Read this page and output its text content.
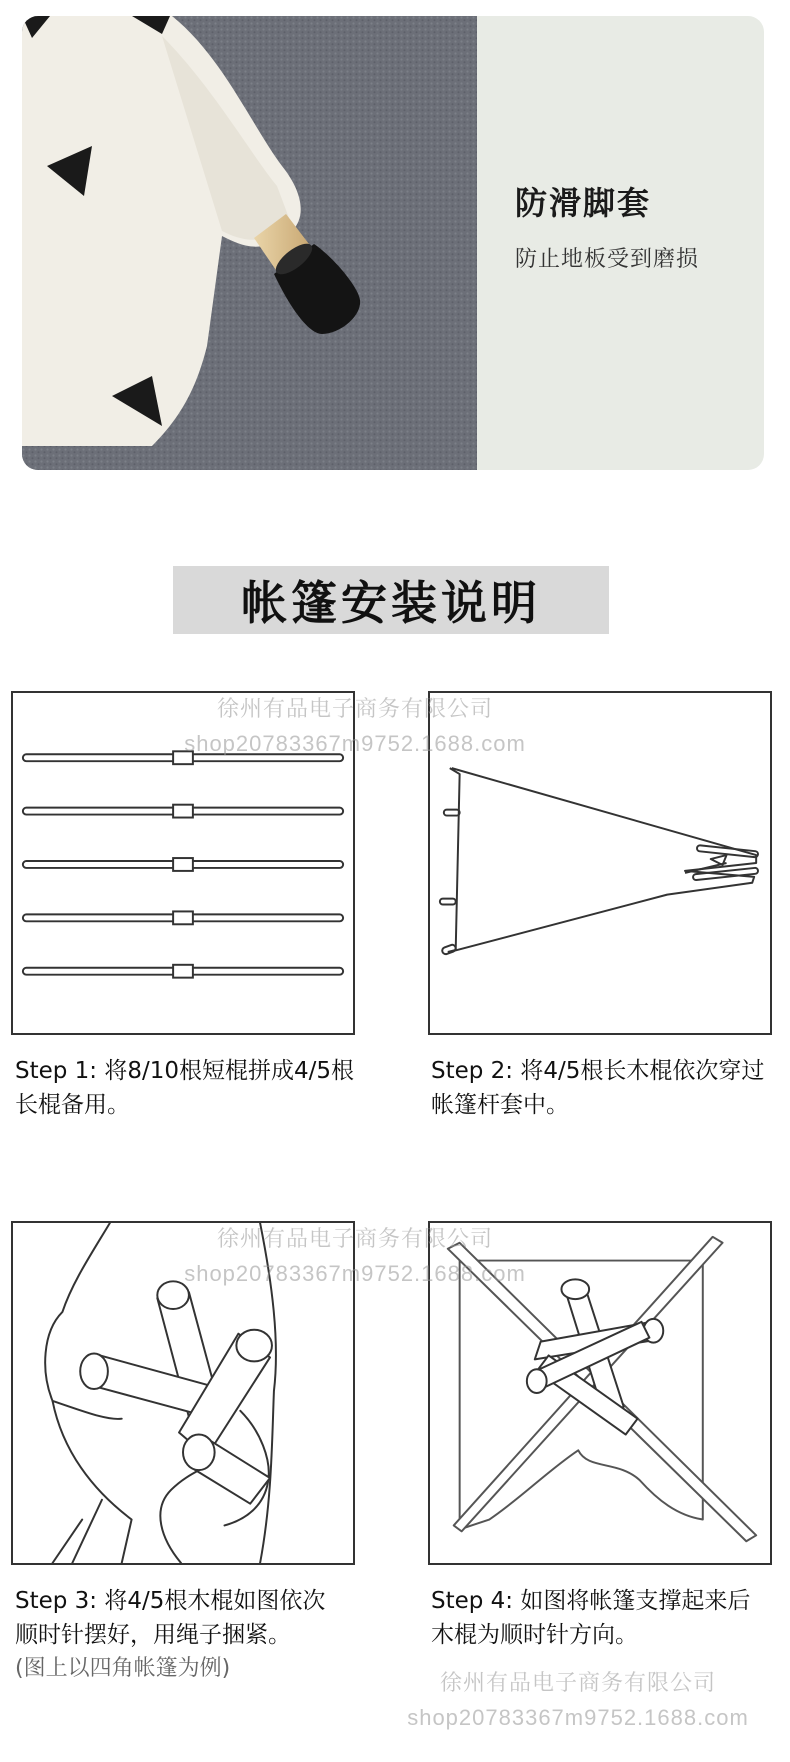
防滑脚套
防止地板受到磨损
帐篷安装说明
Step 1: 将8/10根短棍拼成4/5根
长棍备用。
Step 2: 将4/5根长木棍依次穿过
帐篷杆套中。
Step 3: 将4/5根木棍如图依次
顺时针摆好，用绳子捆紧。
(图上以四角帐篷为例)
Step 4: 如图将帐篷支撑起来后
木棍为顺时针方向。
徐州有品电子商务有限公司
shop20783367m9752.1688.com
徐州有品电子商务有限公司
shop20783367m9752.1688.com
徐州有品电子商务有限公司
shop20783367m9752.1688.com
